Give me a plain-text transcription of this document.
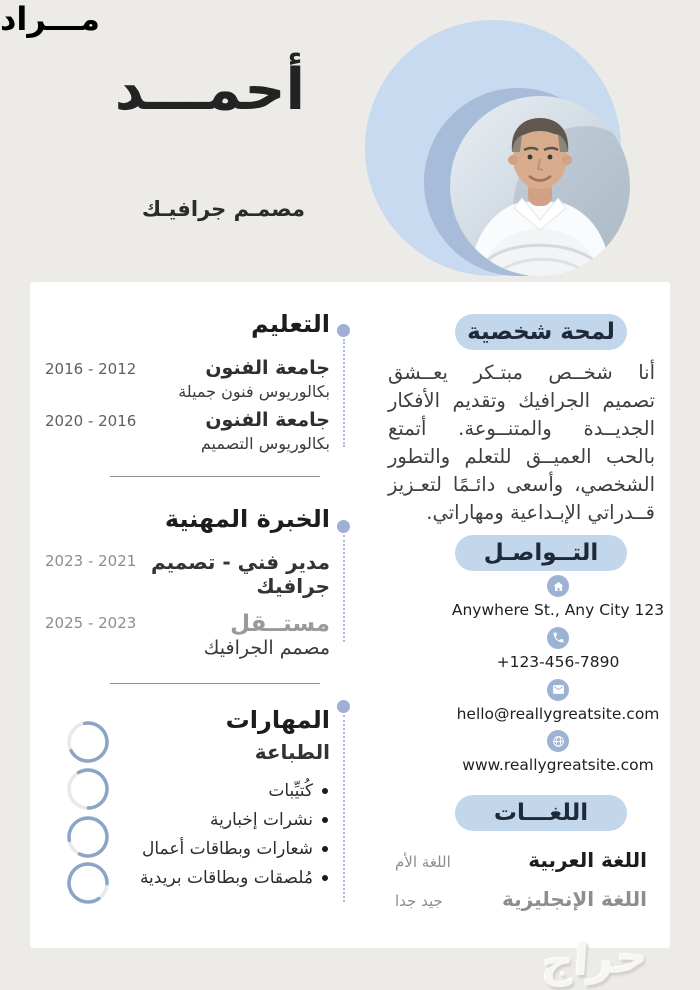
أحمـــد
مـــراد
مصمـم جرافيـك
التعليم
جامعة الفنون
بكالوريوس فنون جميلة
2012 - 2016
جامعة الفنون
بكالوريوس التصميم
2016 - 2020
الخبرة المهنية
مدير فني - تصميم جرافيك
2021 - 2023
مستــقل
2023 - 2025
مصمم الجرافيك
المهارات
الطباعة
كُتيِّبات
نشرات إخبارية
شعارات وبطاقات أعمال
مُلصقات وبطاقات بريدية
لمحة شخصية

أنا شخــص مبتـكر يعــشق تصميم الجرافيك وتقديم الأفكار الجديــدة والمتنــوعة. أتمتع بالحب العميــق للتعلم والتطور الشخصي، وأسعى دائـمًا لتعـزيز قــدراتي الإبـداعية ومهاراتي.

التــواصـل
Anywhere St., Any City 123
+123-456-7890
hello@reallygreatsite.com
www.reallygreatsite.com
اللغـــات
اللغة العربية
اللغة الأم
اللغة الإنجليزية
جيد جدا
حراج
